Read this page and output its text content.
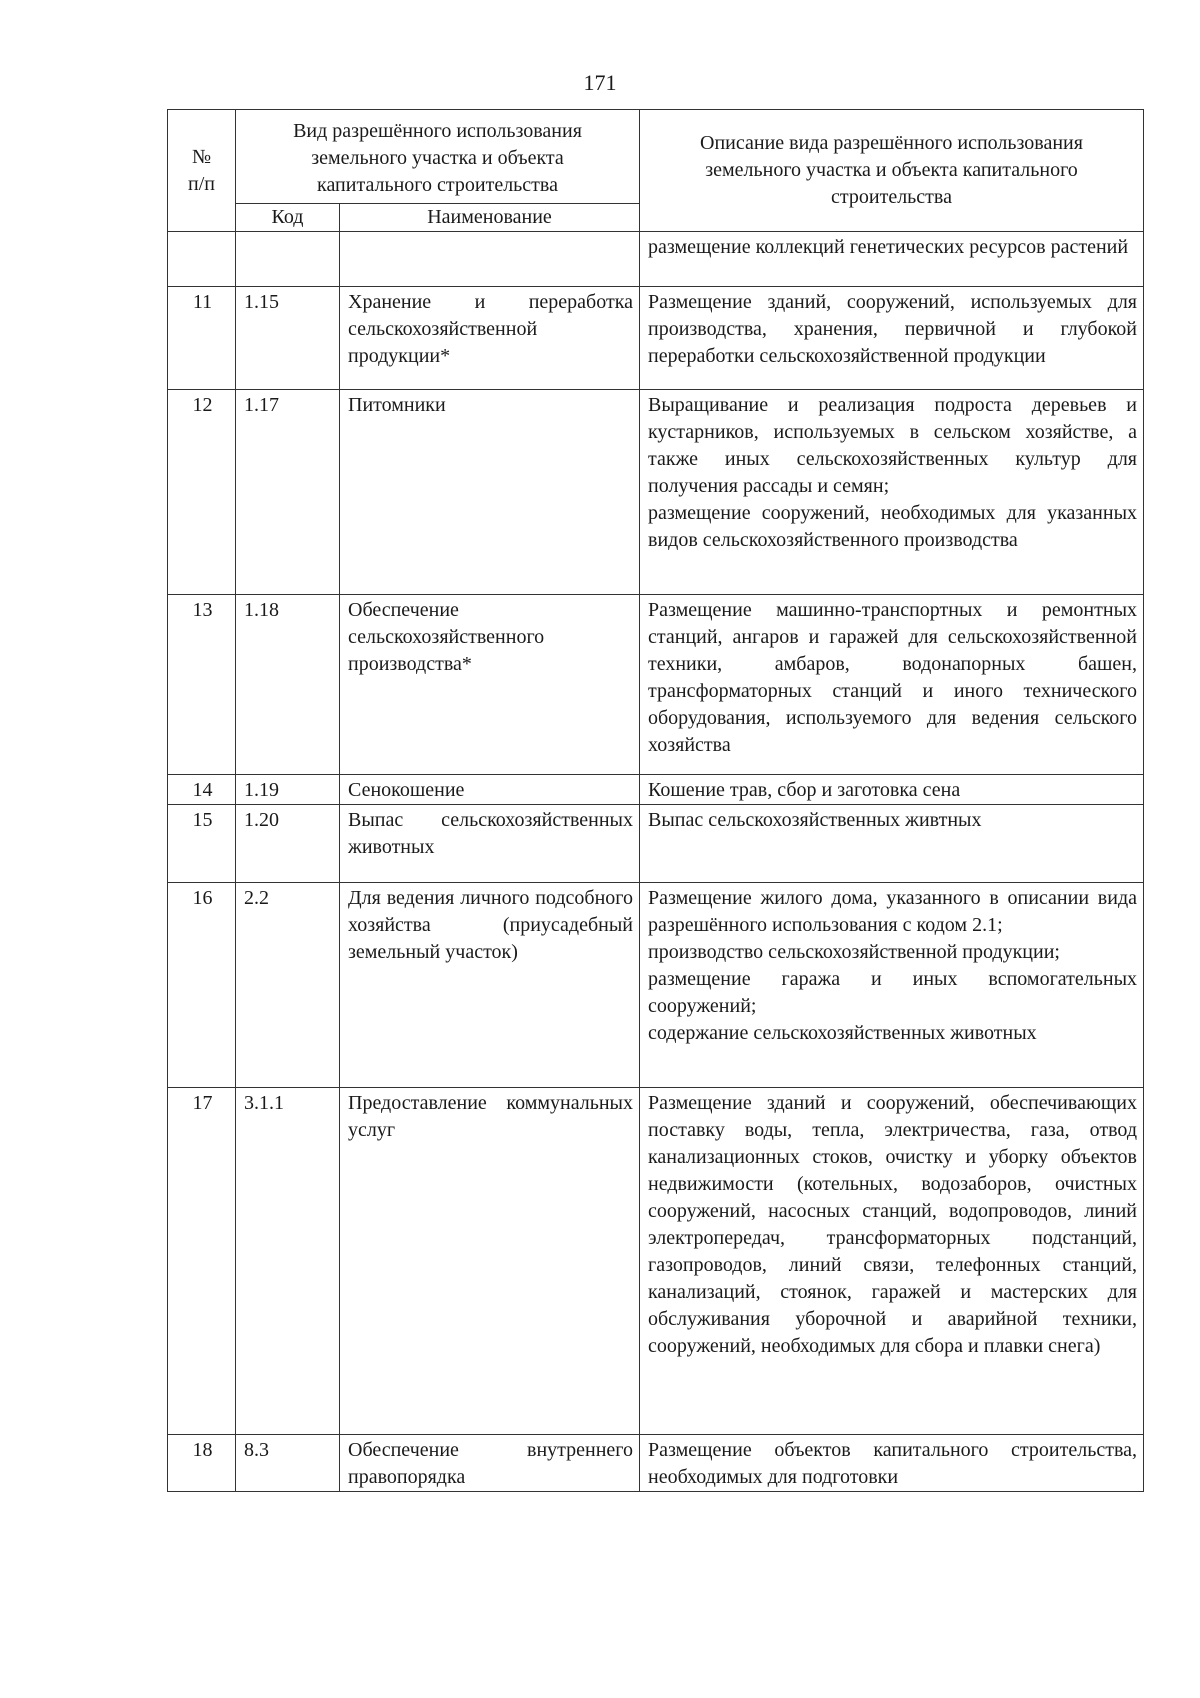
171
№ п/п	Вид разрешённого использования земельного участка и объекта капитального строительства		Описание вида разрешённого использования земельного участка и объекта капитального строительства
	Код	Наименование	

			размещение коллекций генетических ресурсов растений

11	1.15	Хранение и переработка сельскохозяйственной продукции*	Размещение зданий, сооружений, используемых для производства, хранения, первичной и глубокой переработки сельскохозяйственной продукции

12	1.17	Питомники	Выращивание и реализация подроста деревьев и кустарников, используемых в сельском хозяйстве, а также иных сельскохозяйственных культур для получения рассады и семян;
размещение сооружений, необходимых для указанных видов сельскохозяйственного производства

13	1.18	Обеспечение сельскохозяйственного производства*	Размещение машинно-транспортных и ремонтных станций, ангаров и гаражей для сельскохозяйственной техники, амбаров, водонапорных башен, трансформаторных станций и иного технического оборудования, используемого для ведения сельского хозяйства

14	1.19	Сенокошение	Кошение трав, сбор и заготовка сена

15	1.20	Выпас сельскохозяйственных животных	Выпас сельскохозяйственных живтных

16	2.2	Для ведения личного подсобного хозяйства (приусадебный земельный участок)	Размещение жилого дома, указанного в описании вида разрешённого использования с кодом 2.1;
производство сельскохозяйственной продукции;
размещение гаража и иных вспомогательных сооружений;
содержание сельскохозяйственных животных

17	3.1.1	Предоставление коммунальных услуг	Размещение зданий и сооружений, обеспечивающих поставку воды, тепла, электричества, газа, отвод канализационных стоков, очистку и уборку объектов недвижимости (котельных, водозаборов, очистных сооружений, насосных станций, водопроводов, линий электропередач, трансформаторных подстанций, газопроводов, линий связи, телефонных станций, канализаций, стоянок, гаражей и мастерских для обслуживания уборочной и аварийной техники, сооружений, необходимых для сбора и плавки снега)

18	8.3	Обеспечение внутреннего правопорядка	Размещение объектов капитального строительства, необходимых для подготовки
